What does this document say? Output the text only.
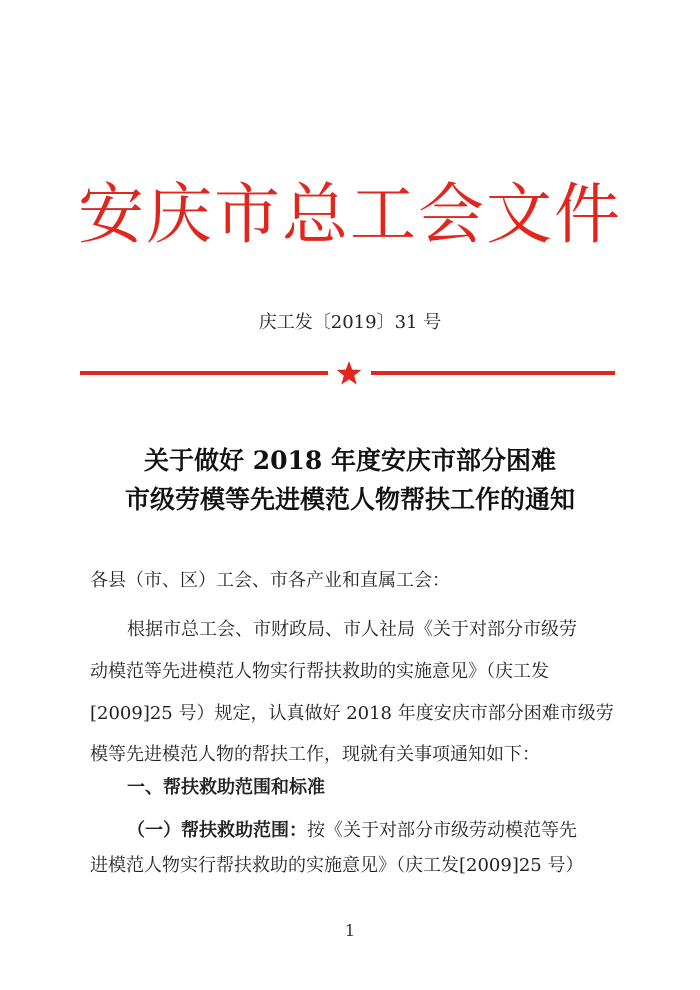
安庆市总工会文件
庆工发〔2019〕31 号
关于做好 2018 年度安庆市部分困难
市级劳模等先进模范人物帮扶工作的通知
各县（市、区）工会、市各产业和直属工会：
根据市总工会、市财政局、市人社局《关于对部分市级劳
动模范等先进模范人物实行帮扶救助的实施意见》（庆工发
[2009]25 号）规定，认真做好 2018 年度安庆市部分困难市级劳
模等先进模范人物的帮扶工作，现就有关事项通知如下：
一、帮扶救助范围和标准
（一）帮扶救助范围：按《关于对部分市级劳动模范等先
进模范人物实行帮扶救助的实施意见》（庆工发[2009]25 号）
1
